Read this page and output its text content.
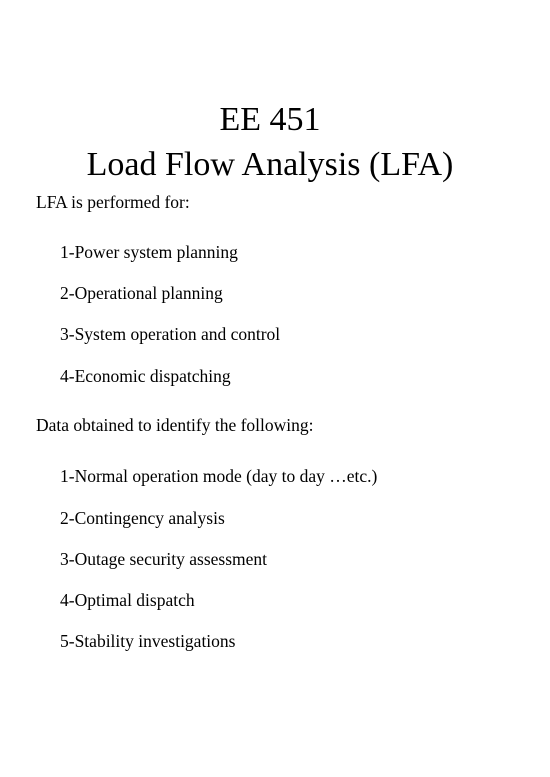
EE 451
Load Flow Analysis (LFA)
LFA is performed for:
1-Power system planning
2-Operational planning
3-System operation and control
4-Economic dispatching
Data obtained to identify the following:
1-Normal operation mode (day to day …etc.)
2-Contingency analysis
3-Outage security assessment
4-Optimal dispatch
5-Stability investigations
